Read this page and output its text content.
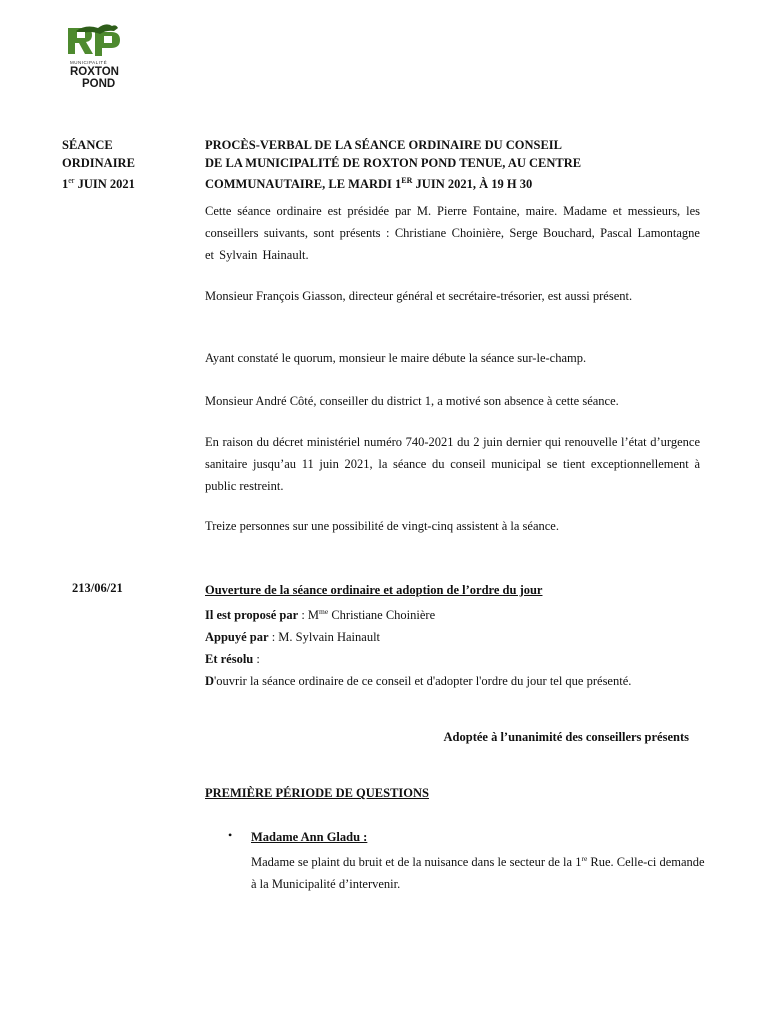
MUNICIPALITÉ
ROXTON
POND
SÉANCE
ORDINAIRE
1er JUIN 2021
PROCÈS-VERBAL DE LA SÉANCE ORDINAIRE DU CONSEIL
DE LA MUNICIPALITÉ DE ROXTON POND TENUE, AU CENTRE
COMMUNAUTAIRE, LE MARDI 1ER JUIN 2021, À 19 H 30
Cette séance ordinaire est présidée par M. Pierre Fontaine, maire. Madame et messieurs, les conseillers suivants, sont présents : Christiane Choinière, Serge Bouchard, Pascal Lamontagne et Sylvain Hainault.
Monsieur François Giasson, directeur général et secrétaire-trésorier, est aussi présent.
Ayant constaté le quorum, monsieur le maire débute la séance sur-le-champ.
Monsieur André Côté, conseiller du district 1, a motivé son absence à cette séance.
En raison du décret ministériel numéro 740-2021 du 2 juin dernier qui renouvelle l’état d’urgence sanitaire jusqu’au 11 juin 2021, la séance du conseil municipal se tient exceptionnellement à public restreint.
Treize personnes sur une possibilité de vingt-cinq assistent à la séance.
213/06/21	Ouverture de la séance ordinaire et adoption de l’ordre du jour
Il est proposé par : $M^{me}$ Christiane Choinière
Appuyé par : M. Sylvain Hainault
Et résolu :
D'ouvrir la séance ordinaire de ce conseil et d'adopter l'ordre du jour tel que présenté.
Adoptée à l’unanimité des conseillers présents
PREMIÈRE PÉRIODE DE QUESTIONS
• Madame Ann Gladu :
Madame se plaint du bruit et de la nuisance dans le secteur de la 1re Rue. Celle-ci demande à la Municipalité d’intervenir.
